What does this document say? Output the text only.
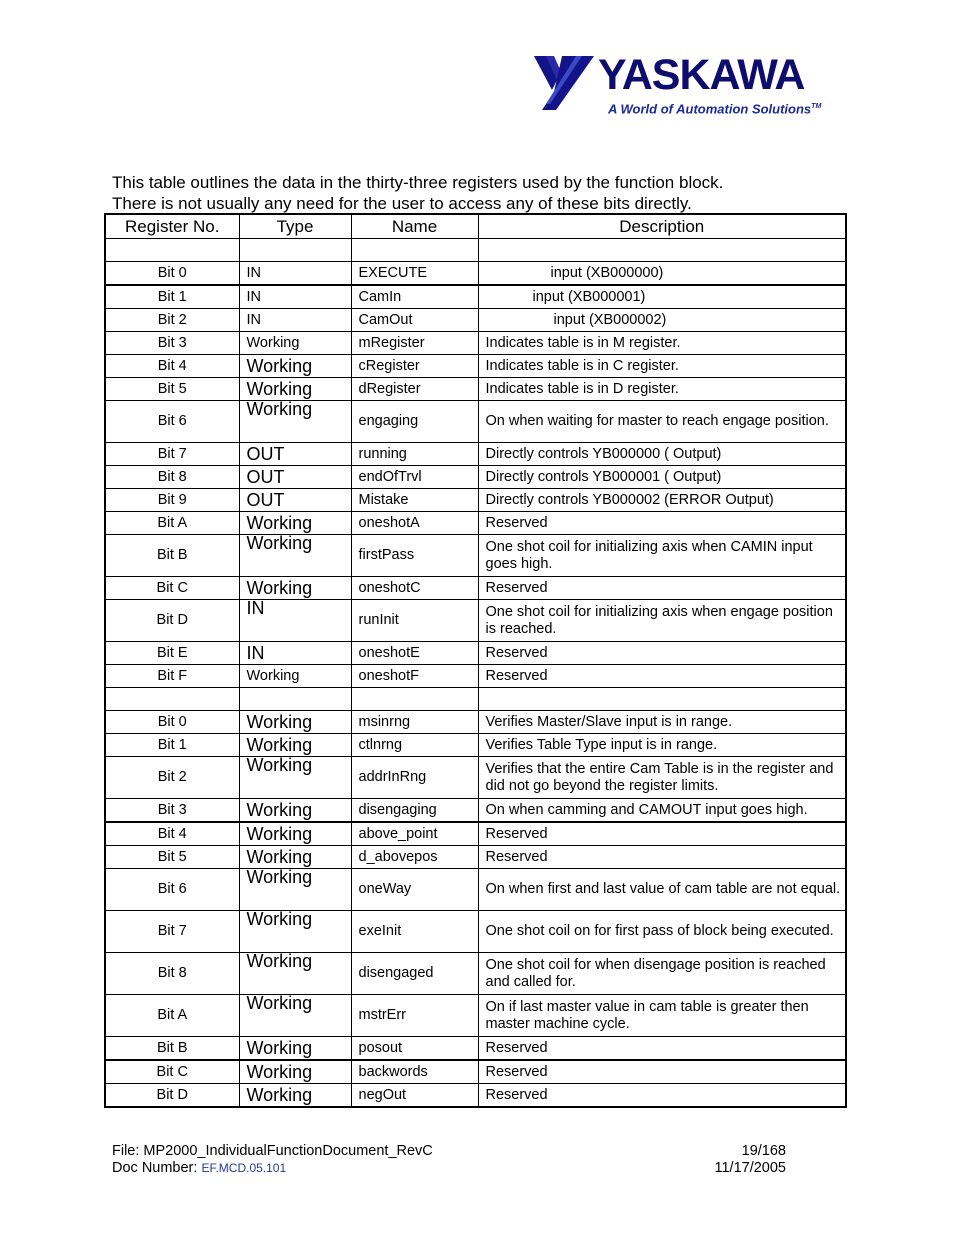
YASKAWA
A World of Automation Solutions™
This table outlines the data in the thirty-three registers used by the function block.
There is not usually any need for the user to access any of these bits directly.
Register No.	Type	Name	Description

Bit 0	IN	EXECUTE	input (XB000000)
Bit 1	IN	CamIn	input (XB000001)
Bit 2	IN	CamOut	input (XB000002)
Bit 3	Working	mRegister	Indicates table is in M register.
Bit 4	Working	cRegister	Indicates table is in C register.
Bit 5	Working	dRegister	Indicates table is in D register.
Bit 6	Working	engaging	On when waiting for master to reach engage position.
Bit 7	OUT	running	Directly controls YB000000 ( Output)
Bit 8	OUT	endOfTrvl	Directly controls YB000001 ( Output)
Bit 9	OUT	Mistake	Directly controls YB000002 (ERROR Output)
Bit A	Working	oneshotA	Reserved
Bit B	Working	firstPass	One shot coil for initializing axis when CAMIN input goes high.
Bit C	Working	oneshotC	Reserved
Bit D	IN	runInit	One shot coil for initializing axis when engage position is reached.
Bit E	IN	oneshotE	Reserved
Bit F	Working	oneshotF	Reserved

Bit 0	Working	msinrng	Verifies Master/Slave input is in range.
Bit 1	Working	ctlnrng	Verifies Table Type input is in range.
Bit 2	Working	addrInRng	Verifies that the entire Cam Table is in the register and did not go beyond the register limits.
Bit 3	Working	disengaging	On when camming and CAMOUT input goes high.
Bit 4	Working	above_point	Reserved
Bit 5	Working	d_abovepos	Reserved
Bit 6	Working	oneWay	On when first and last value of cam table are not equal.
Bit 7	Working	exeInit	One shot coil on for first pass of block being executed.
Bit 8	Working	disengaged	One shot coil for when disengage position is reached and called for.
Bit A	Working	mstrErr	On if last master value in cam table is greater then master machine cycle.
Bit B	Working	posout	Reserved
Bit C	Working	backwords	Reserved
Bit D	Working	negOut	Reserved
File: MP2000_IndividualFunctionDocument_RevC	19/168
Doc Number: EF.MCD.05.101	11/17/2005
